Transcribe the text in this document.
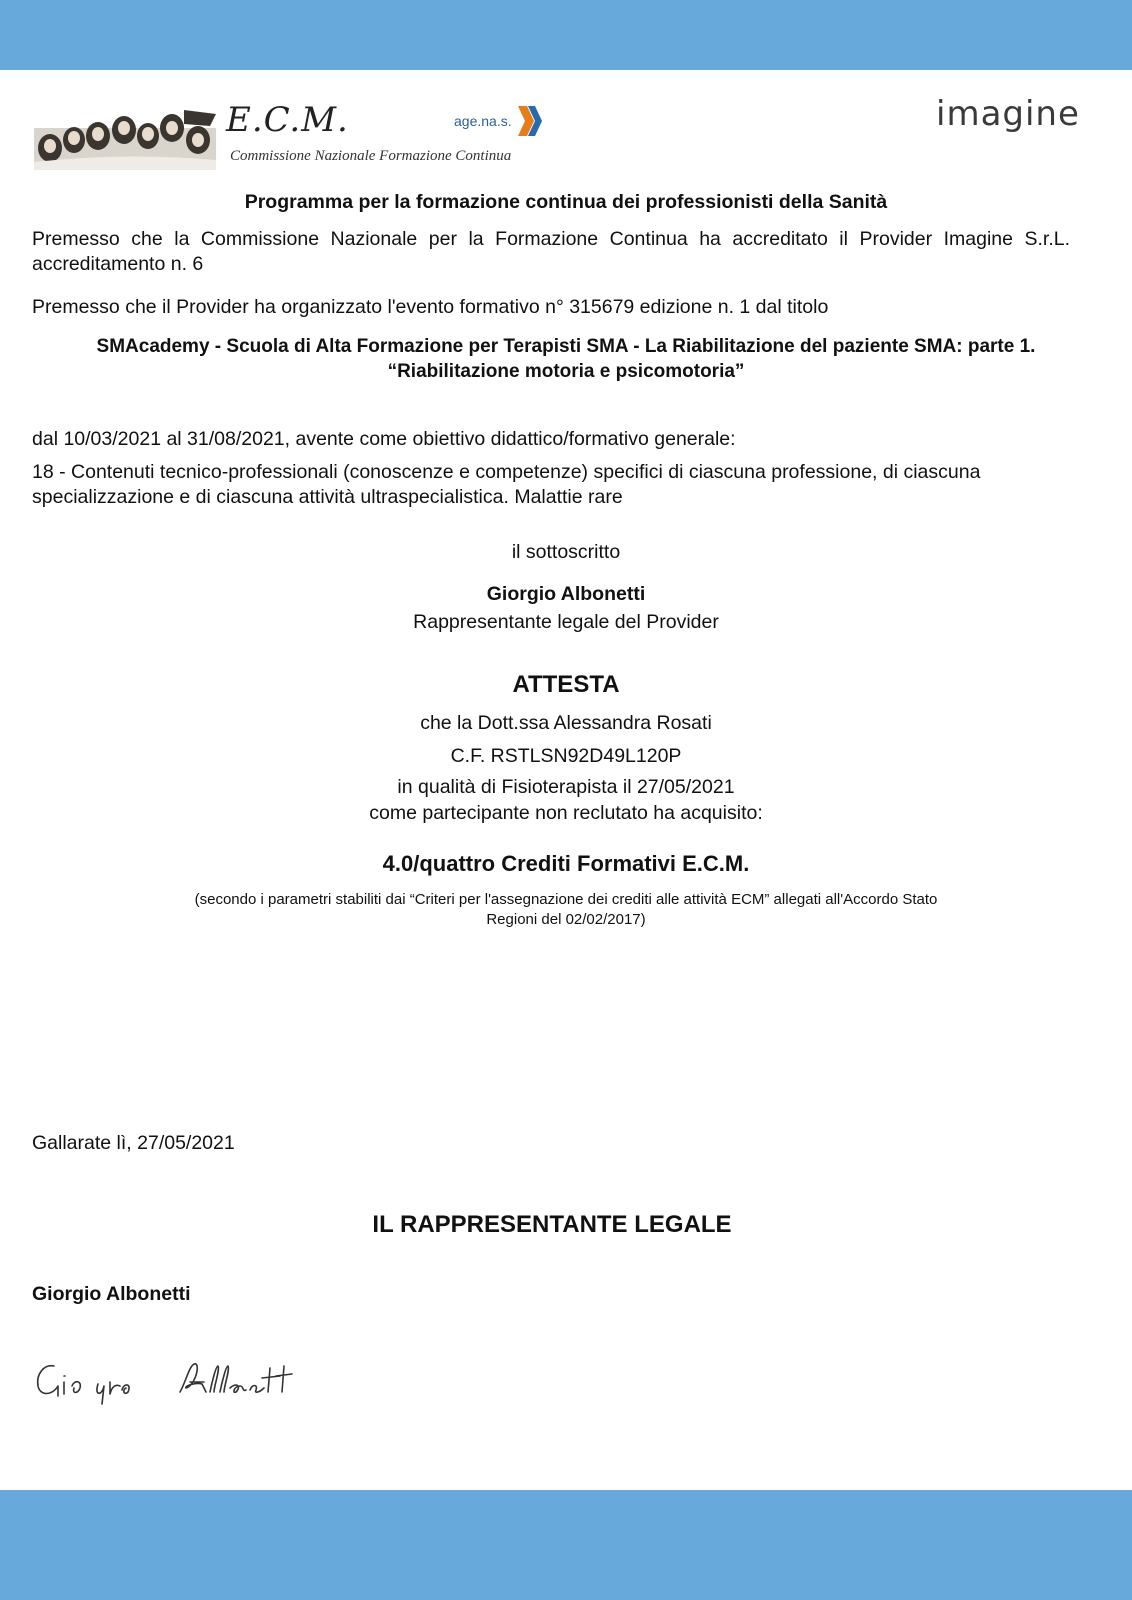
E.C.M.
Commissione Nazionale Formazione Continua
age.na.s.	imagine
Programma per la formazione continua dei professionisti della Sanità
Premesso che la Commissione Nazionale per la Formazione Continua ha accreditato il Provider Imagine S.r.L. accreditamento n. 6
Premesso che il Provider ha organizzato l'evento formativo n° 315679 edizione n. 1 dal titolo
SMAcademy - Scuola di Alta Formazione per Terapisti SMA - La Riabilitazione del paziente SMA: parte 1. “Riabilitazione motoria e psicomotoria”
dal 10/03/2021 al 31/08/2021, avente come obiettivo didattico/formativo generale:
18 - Contenuti tecnico-professionali (conoscenze e competenze) specifici di ciascuna professione, di ciascuna specializzazione e di ciascuna attività ultraspecialistica. Malattie rare
il sottoscritto
Giorgio Albonetti
Rappresentante legale del Provider
ATTESTA
che la Dott.ssa Alessandra Rosati
C.F. RSTLSN92D49L120P
in qualità di Fisioterapista il 27/05/2021
come partecipante non reclutato ha acquisito:
4.0/quattro Crediti Formativi E.C.M.
(secondo i parametri stabiliti dai “Criteri per l'assegnazione dei crediti alle attività ECM” allegati all'Accordo Stato Regioni del 02/02/2017)
Gallarate lì, 27/05/2021
IL RAPPRESENTANTE LEGALE
Giorgio Albonetti
